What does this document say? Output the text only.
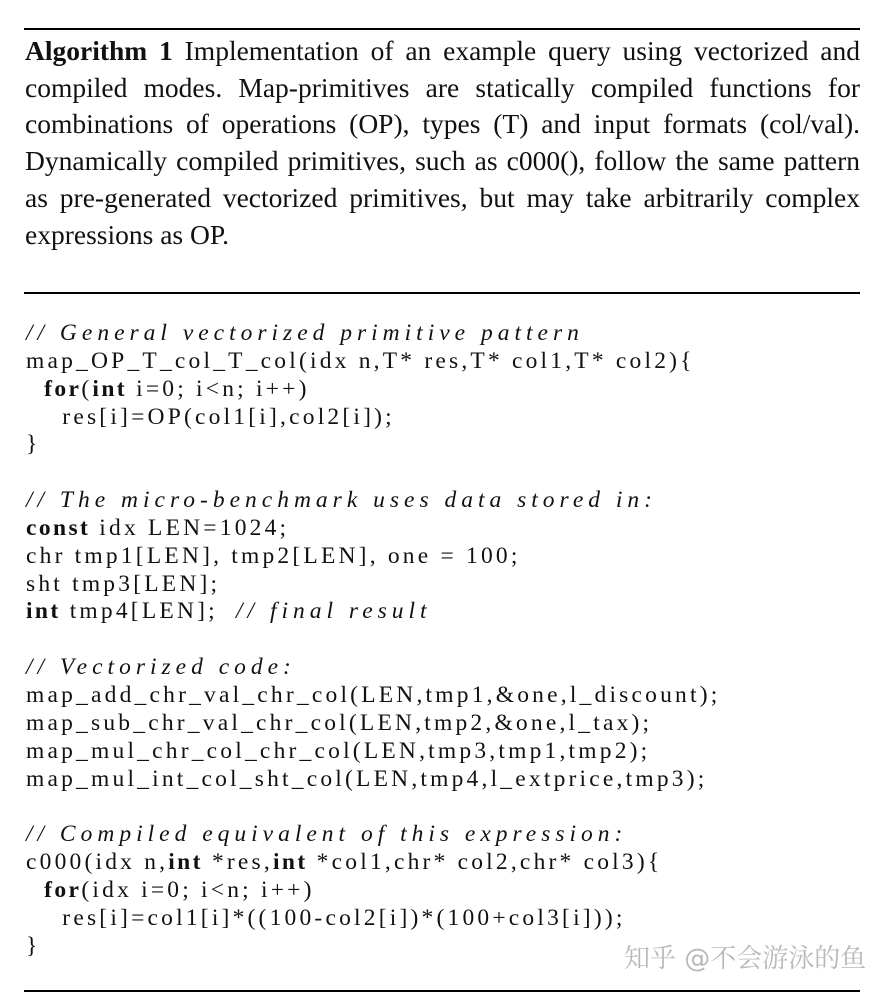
Algorithm 1 Implementation of an example query using vectorized and compiled modes. Map-primitives are statically compiled functions for combinations of operations (OP), types (T) and input formats (col/val). Dynamically compiled primitives, such as c000(), follow the same pattern as pre-generated vectorized primitives, but may take arbitrarily complex expressions as OP.
// General vectorized primitive pattern
map_OP_T_col_T_col(idx n,T* res,T* col1,T* col2){
for(int i=0; i<n; i++)
res[i]=OP(col1[i],col2[i]);
}
// The micro-benchmark uses data stored in:
const idx LEN=1024;
chr tmp1[LEN], tmp2[LEN], one = 100;
sht tmp3[LEN];
int tmp4[LEN];  // final result
// Vectorized code:
map_add_chr_val_chr_col(LEN,tmp1,&one,l_discount);
map_sub_chr_val_chr_col(LEN,tmp2,&one,l_tax);
map_mul_chr_col_chr_col(LEN,tmp3,tmp1,tmp2);
map_mul_int_col_sht_col(LEN,tmp4,l_extprice,tmp3);
// Compiled equivalent of this expression:
c000(idx n,int *res,int *col1,chr* col2,chr* col3){
for(idx i=0; i<n; i++)
res[i]=col1[i]*((100-col2[i])*(100+col3[i]));
}	知乎 @不会游泳的鱼
